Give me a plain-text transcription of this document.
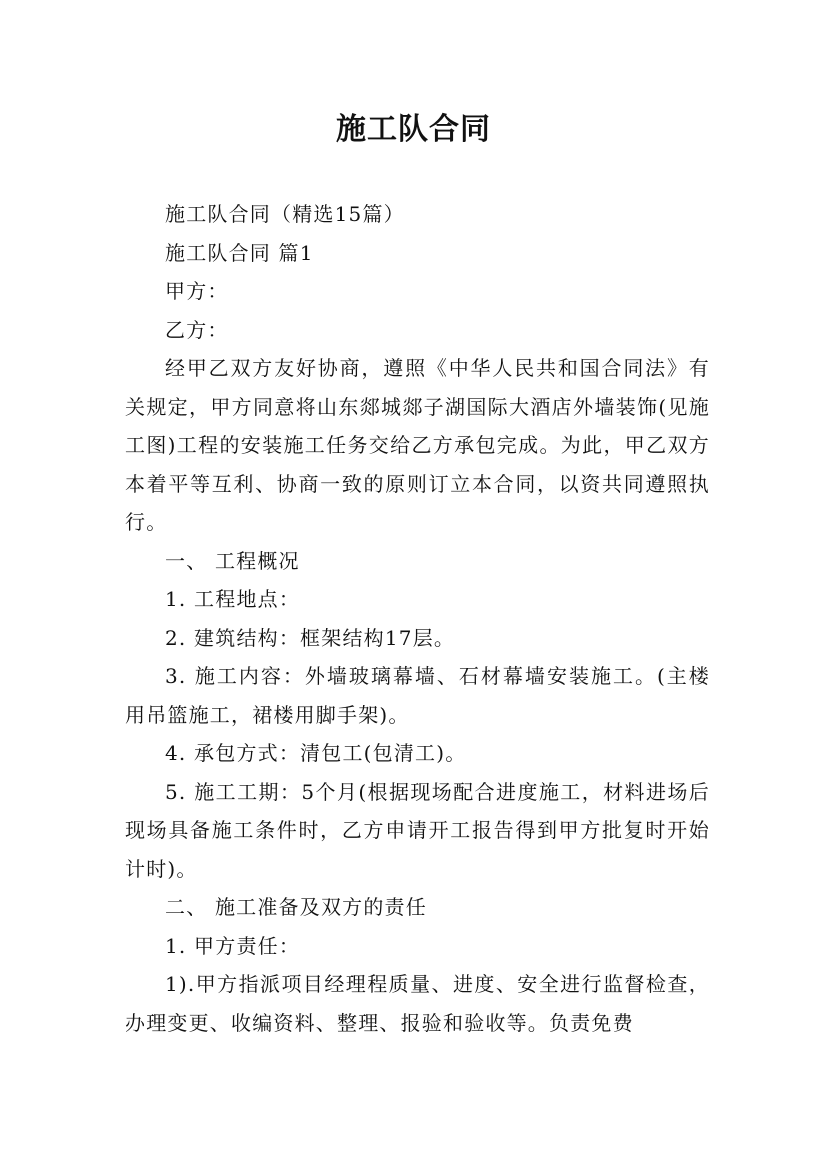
施工队合同

施工队合同（精选15篇）

施工队合同 篇1

甲方：

乙方：

经甲乙双方友好协商，遵照《中华人民共和国合同法》有关规定，甲方同意将山东郯城郯子湖国际大酒店外墙装饰(见施工图)工程的安装施工任务交给乙方承包完成。为此，甲乙双方本着平等互利、协商一致的原则订立本合同，以资共同遵照执行。

一、 工程概况

1. 工程地点：

2. 建筑结构：框架结构17层。

3. 施工内容：外墙玻璃幕墙、石材幕墙安装施工。(主楼用吊篮施工，裙楼用脚手架)。

4. 承包方式：清包工(包清工)。

5. 施工工期：5个月(根据现场配合进度施工，材料进场后现场具备施工条件时，乙方申请开工报告得到甲方批复时开始计时)。

二、 施工准备及双方的责任

1. 甲方责任：

1).甲方指派项目经理程质量、进度、安全进行监督检查，办理变更、收编资料、整理、报验和验收等。负责免费
